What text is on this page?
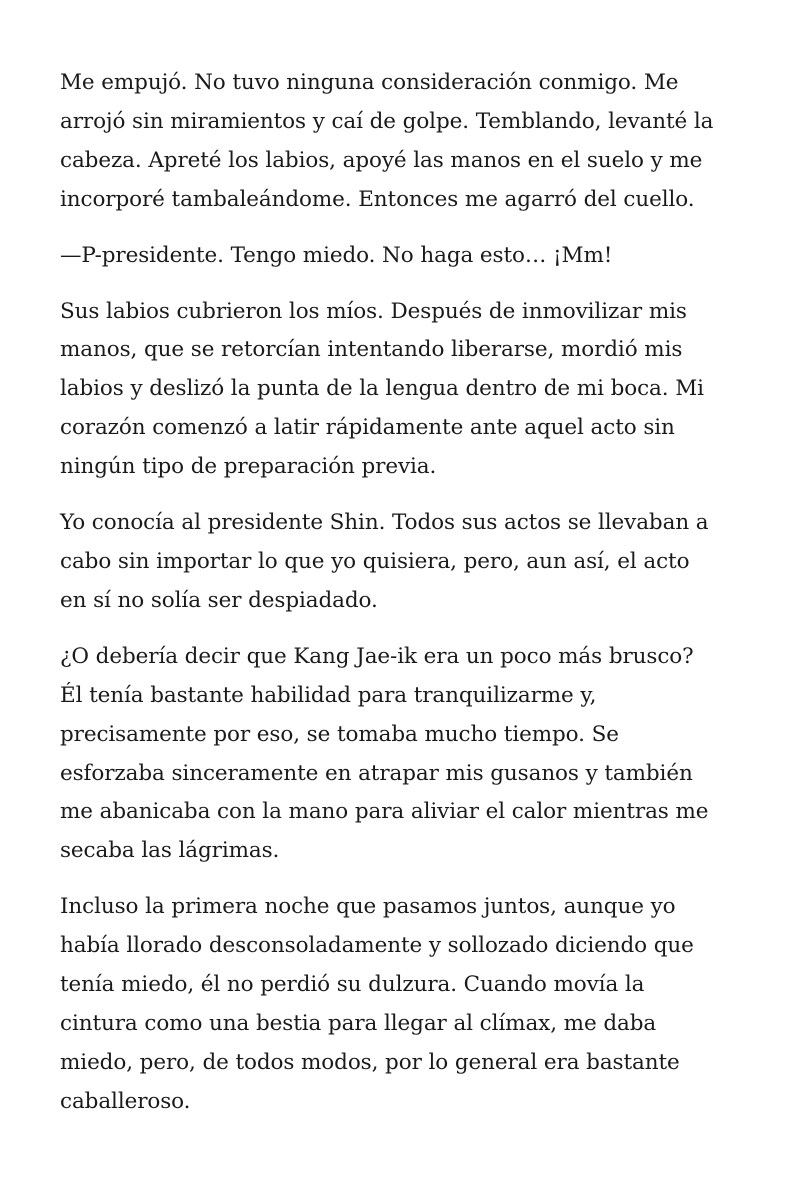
Me empujó. No tuvo ninguna consideración conmigo. Me
arrojó sin miramientos y caí de golpe. Temblando, levanté la
cabeza. Apreté los labios, apoyé las manos en el suelo y me
incorporé tambaleándome. Entonces me agarró del cuello.

—P-presidente. Tengo miedo. No haga esto… ¡Mm!

Sus labios cubrieron los míos. Después de inmovilizar mis
manos, que se retorcían intentando liberarse, mordió mis
labios y deslizó la punta de la lengua dentro de mi boca. Mi
corazón comenzó a latir rápidamente ante aquel acto sin
ningún tipo de preparación previa.

Yo conocía al presidente Shin. Todos sus actos se llevaban a
cabo sin importar lo que yo quisiera, pero, aun así, el acto
en sí no solía ser despiadado.

¿O debería decir que Kang Jae-ik era un poco más brusco?
Él tenía bastante habilidad para tranquilizarme y,
precisamente por eso, se tomaba mucho tiempo. Se
esforzaba sinceramente en atrapar mis gusanos y también
me abanicaba con la mano para aliviar el calor mientras me
secaba las lágrimas.

Incluso la primera noche que pasamos juntos, aunque yo
había llorado desconsoladamente y sollozado diciendo que
tenía miedo, él no perdió su dulzura. Cuando movía la
cintura como una bestia para llegar al clímax, me daba
miedo, pero, de todos modos, por lo general era bastante
caballeroso.
